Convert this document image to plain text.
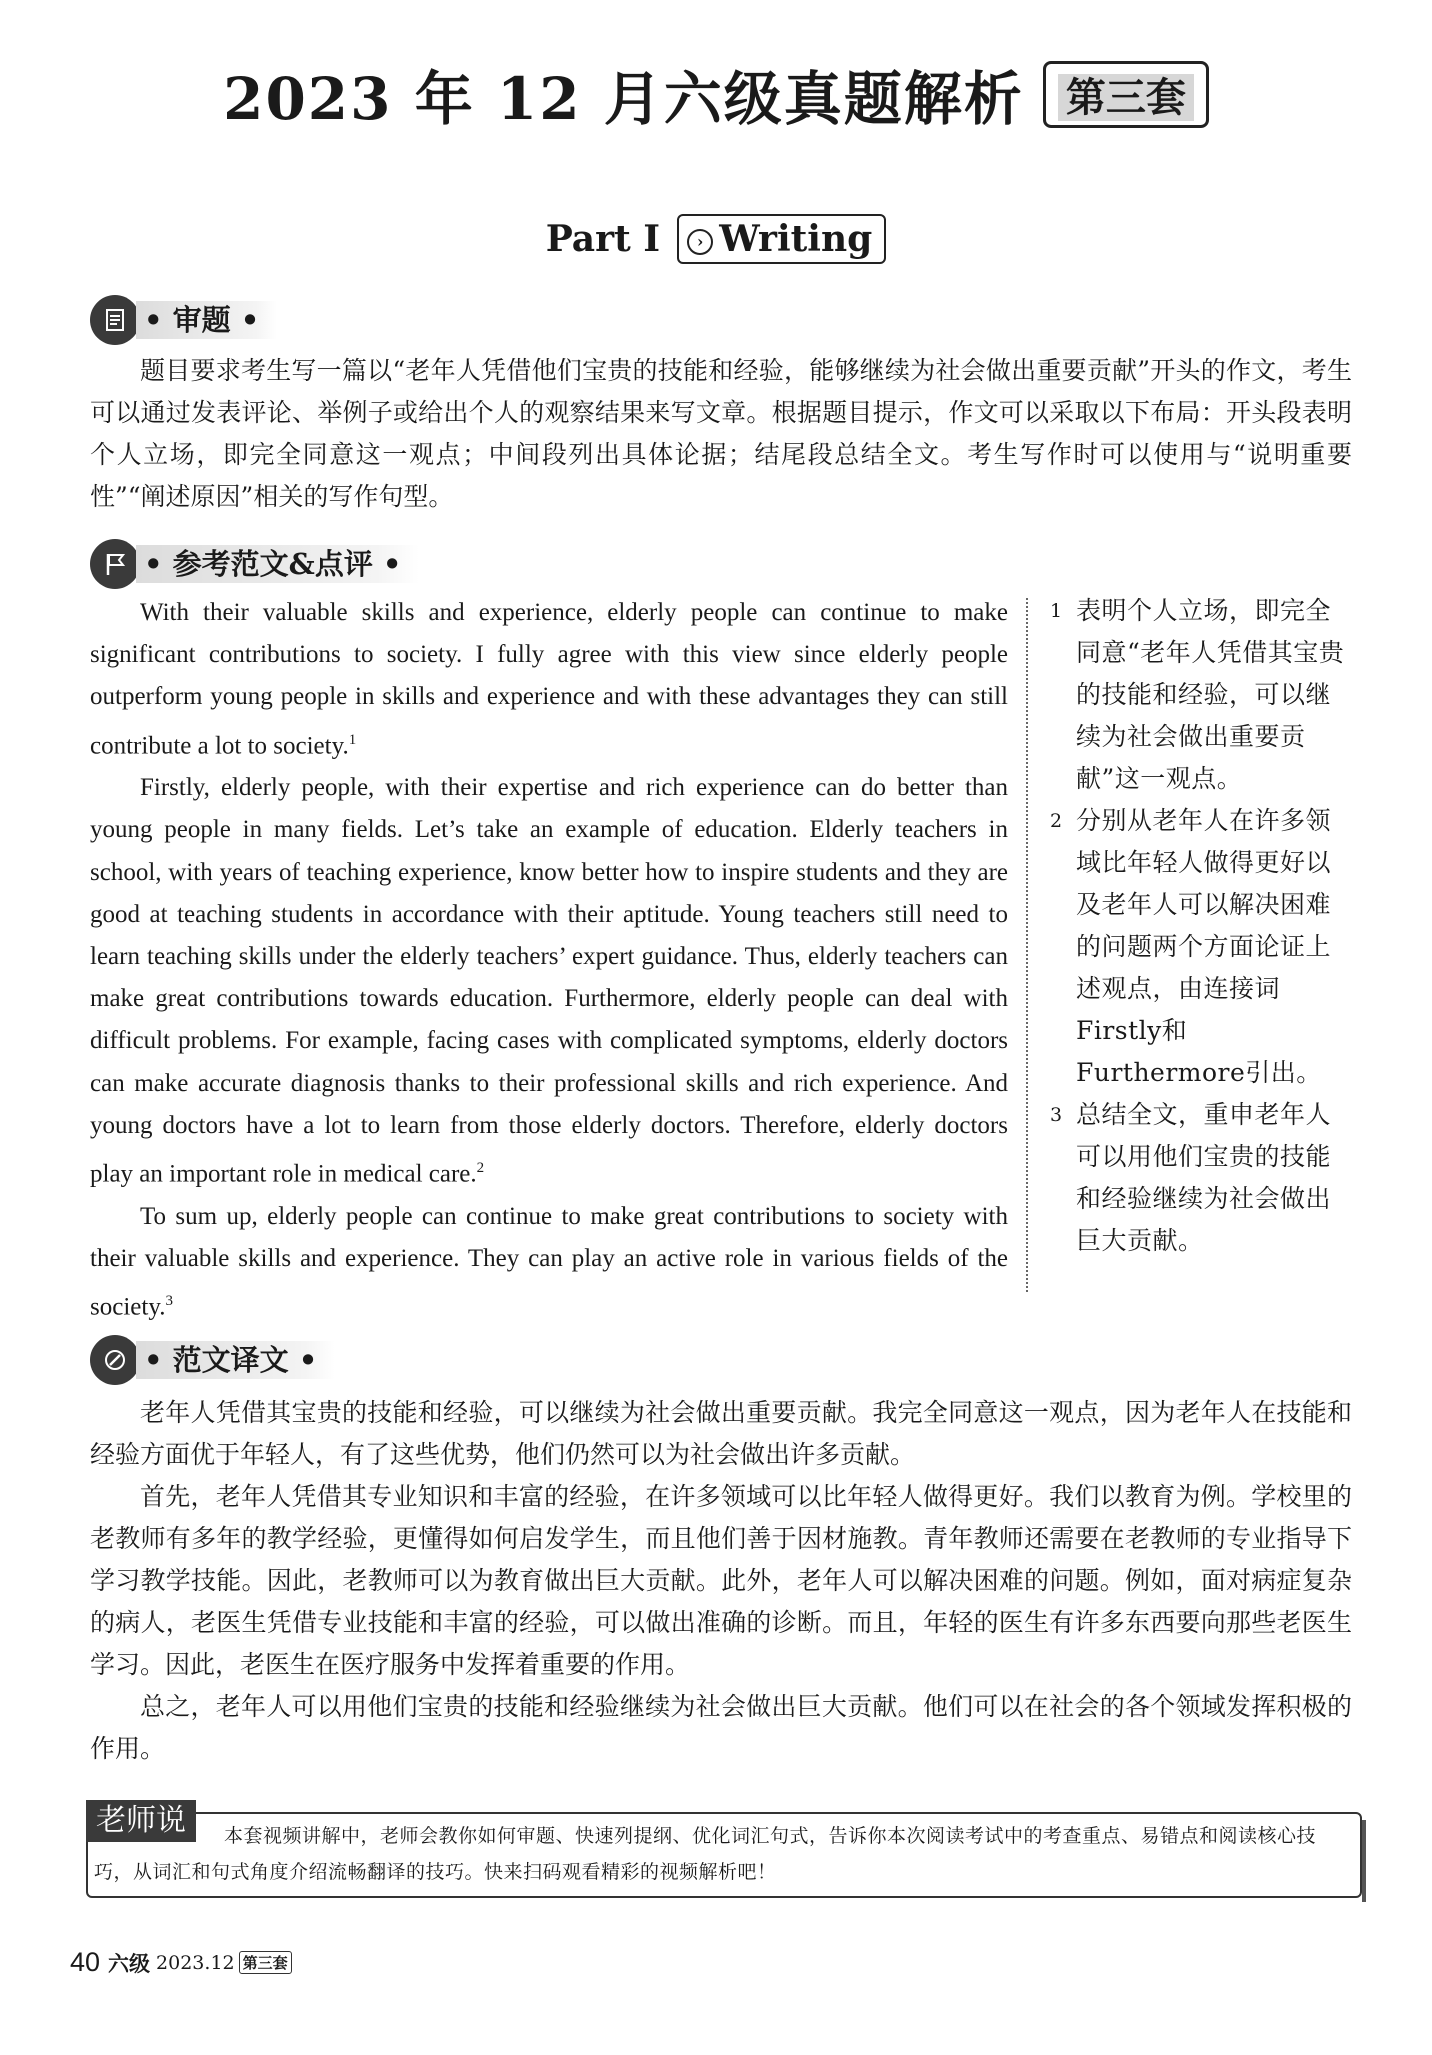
2023 年 12 月六级真题解析 第三套
Part I › Writing
• 审题 •

题目要求考生写一篇以“老年人凭借他们宝贵的技能和经验，能够继续为社会做出重要贡献”开头的作文，考生可以通过发表评论、举例子或给出个人的观察结果来写文章。根据题目提示，作文可以采取以下布局：开头段表明个人立场，即完全同意这一观点；中间段列出具体论据；结尾段总结全文。考生写作时可以使用与“说明重要性”“阐述原因”相关的写作句型。

• 参考范文&点评 •

With their valuable skills and experience, elderly people can continue to make significant contributions to society. I fully agree with this view since elderly people outperform young people in skills and experience and with these advantages they can still contribute a lot to society.$^1$

Firstly, elderly people, with their expertise and rich experience can do better than young people in many fields. Let’s take an example of education. Elderly teachers in school, with years of teaching experience, know better how to inspire students and they are good at teaching students in accordance with their aptitude. Young teachers still need to learn teaching skills under the elderly teachers’ expert guidance. Thus, elderly teachers can make great contributions towards education. Furthermore, elderly people can deal with difficult problems. For example, facing cases with complicated symptoms, elderly doctors can make accurate diagnosis thanks to their professional skills and rich experience. And young doctors have a lot to learn from those elderly doctors. Therefore, elderly doctors play an important role in medical care.$^2$

To sum up, elderly people can continue to make great contributions to society with their valuable skills and experience. They can play an active role in various fields of the society.$^3$

1 表明个人立场，即完全同意“老年人凭借其宝贵的技能和经验，可以继续为社会做出重要贡献”这一观点。
2 分别从老年人在许多领域比年轻人做得更好以及老年人可以解决困难的问题两个方面论证上述观点，由连接词Firstly和Furthermore引出。
3 总结全文，重申老年人可以用他们宝贵的技能和经验继续为社会做出巨大贡献。
• 范文译文 •

老年人凭借其宝贵的技能和经验，可以继续为社会做出重要贡献。我完全同意这一观点，因为老年人在技能和经验方面优于年轻人，有了这些优势，他们仍然可以为社会做出许多贡献。

首先，老年人凭借其专业知识和丰富的经验，在许多领域可以比年轻人做得更好。我们以教育为例。学校里的老教师有多年的教学经验，更懂得如何启发学生，而且他们善于因材施教。青年教师还需要在老教师的专业指导下学习教学技能。因此，老教师可以为教育做出巨大贡献。此外，老年人可以解决困难的问题。例如，面对病症复杂的病人，老医生凭借专业技能和丰富的经验，可以做出准确的诊断。而且，年轻的医生有许多东西要向那些老医生学习。因此，老医生在医疗服务中发挥着重要的作用。

总之，老年人可以用他们宝贵的技能和经验继续为社会做出巨大贡献。他们可以在社会的各个领域发挥积极的作用。

老师说	本套视频讲解中，老师会教你如何审题、快速列提纲、优化词汇句式，告诉你本次阅读考试中的考查重点、易错点和阅读核心技巧，从词汇和句式角度介绍流畅翻译的技巧。快来扫码观看精彩的视频解析吧！
40 六级 2023.12 第三套
